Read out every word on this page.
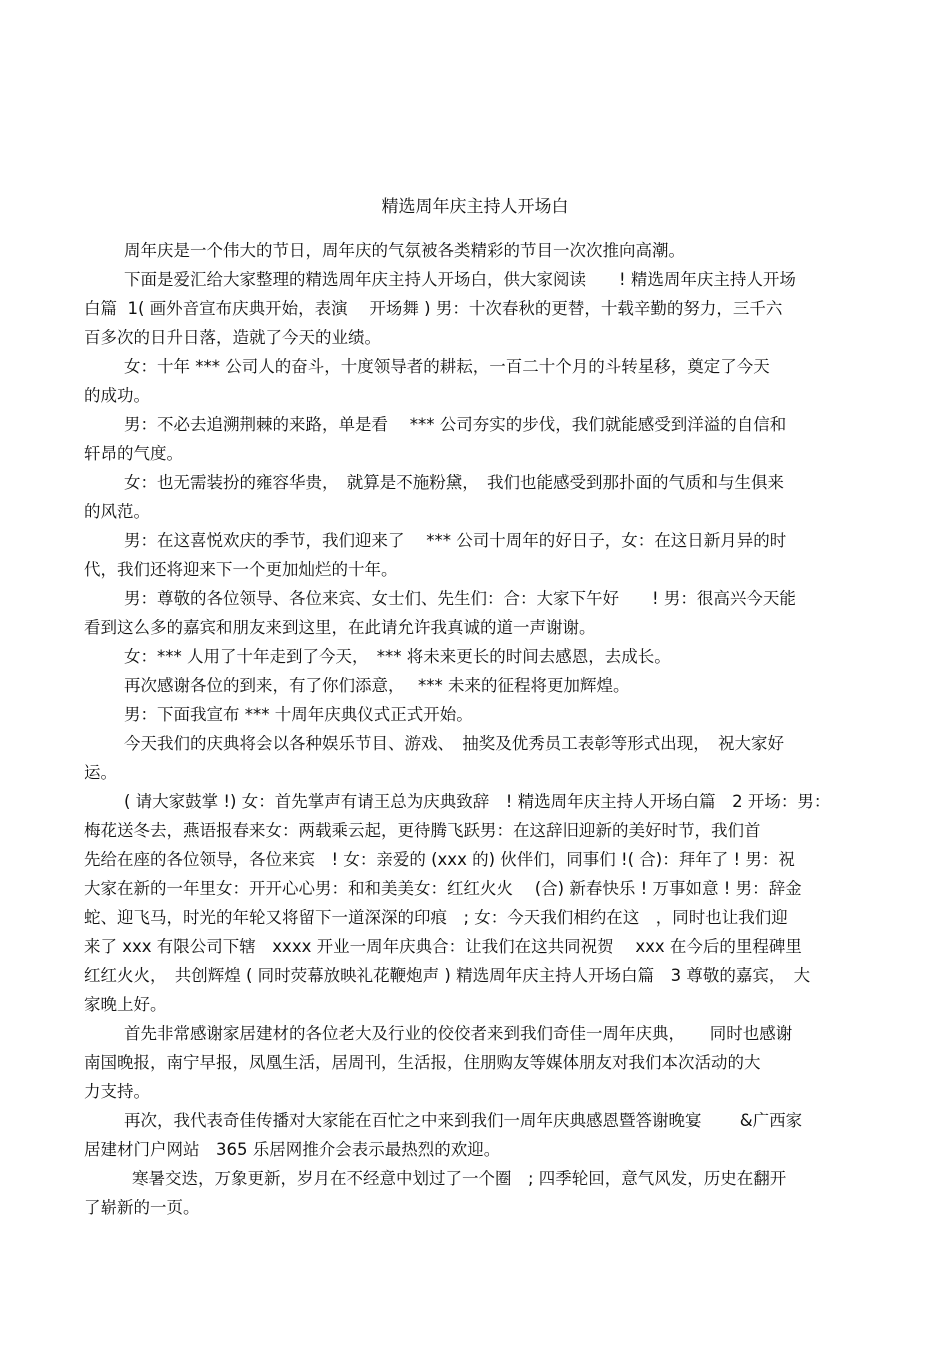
精选周年庆主持人开场白
周年庆是一个伟大的节日，周年庆的气氛被各类精彩的节目一次次推向高潮。
下面是爱汇给大家整理的精选周年庆主持人开场白，供大家阅读　　! 精选周年庆主持人开场
白篇  1( 画外音宣布庆典开始，表演　 开场舞 ) 男：十次春秋的更替，十载辛勤的努力，三千六
百多次的日升日落，造就了今天的业绩。
女：十年 *** 公司人的奋斗，十度领导者的耕耘，一百二十个月的斗转星移，奠定了今天
的成功。
男：不必去追溯荆棘的来路，单是看　 *** 公司夯实的步伐，我们就能感受到洋溢的自信和
轩昂的气度。
女：也无需装扮的雍容华贵，　就算是不施粉黛，　我们也能感受到那扑面的气质和与生俱来
的风范。
男：在这喜悦欢庆的季节，我们迎来了　 *** 公司十周年的好日子，女：在这日新月异的时
代，我们还将迎来下一个更加灿烂的十年。
男：尊敬的各位领导、各位来宾、女士们、先生们：合：大家下午好　　! 男：很高兴今天能
看到这么多的嘉宾和朋友来到这里，在此请允许我真诚的道一声谢谢。
女：*** 人用了十年走到了今天，　*** 将未来更长的时间去感恩，去成长。
再次感谢各位的到来，有了你们添意，　 *** 未来的征程将更加辉煌。
男：下面我宣布 *** 十周年庆典仪式正式开始。
今天我们的庆典将会以各种娱乐节目、游戏、　抽奖及优秀员工表彰等形式出现，　祝大家好
运。
( 请大家鼓掌 !) 女：首先掌声有请王总为庆典致辞　! 精选周年庆主持人开场白篇　2 开场：男：
梅花送冬去，燕语报春来女：两载乘云起，更待腾飞跃男：在这辞旧迎新的美好时节，我们首
先给在座的各位领导，各位来宾　! 女：亲爱的 (xxx 的) 伙伴们，同事们 !( 合)：拜年了 ! 男：祝
大家在新的一年里女：开开心心男：和和美美女：红红火火　 (合) 新春快乐 ! 万事如意 ! 男：辞金
蛇、迎飞马，时光的年轮又将留下一道深深的印痕　; 女：今天我们相约在这　，同时也让我们迎
来了 xxx 有限公司下辖　xxxx 开业一周年庆典合：让我们在这共同祝贺　 xxx 在今后的里程碑里
红红火火，　共创辉煌 ( 同时荧幕放映礼花鞭炮声 ) 精选周年庆主持人开场白篇　3 尊敬的嘉宾，　大
家晚上好。
首先非常感谢家居建材的各位老大及行业的佼佼者来到我们奇佳一周年庆典，　　同时也感谢
南国晚报，南宁早报，凤凰生活，居周刊，生活报，住朋购友等媒体朋友对我们本次活动的大
力支持。
再次，我代表奇佳传播对大家能在百忙之中来到我们一周年庆典感恩暨答谢晚宴　　 &广西家
居建材门户网站　365 乐居网推介会表示最热烈的欢迎。
寒暑交迭，万象更新，岁月在不经意中划过了一个圈　; 四季轮回，意气风发，历史在翻开
了崭新的一页。
